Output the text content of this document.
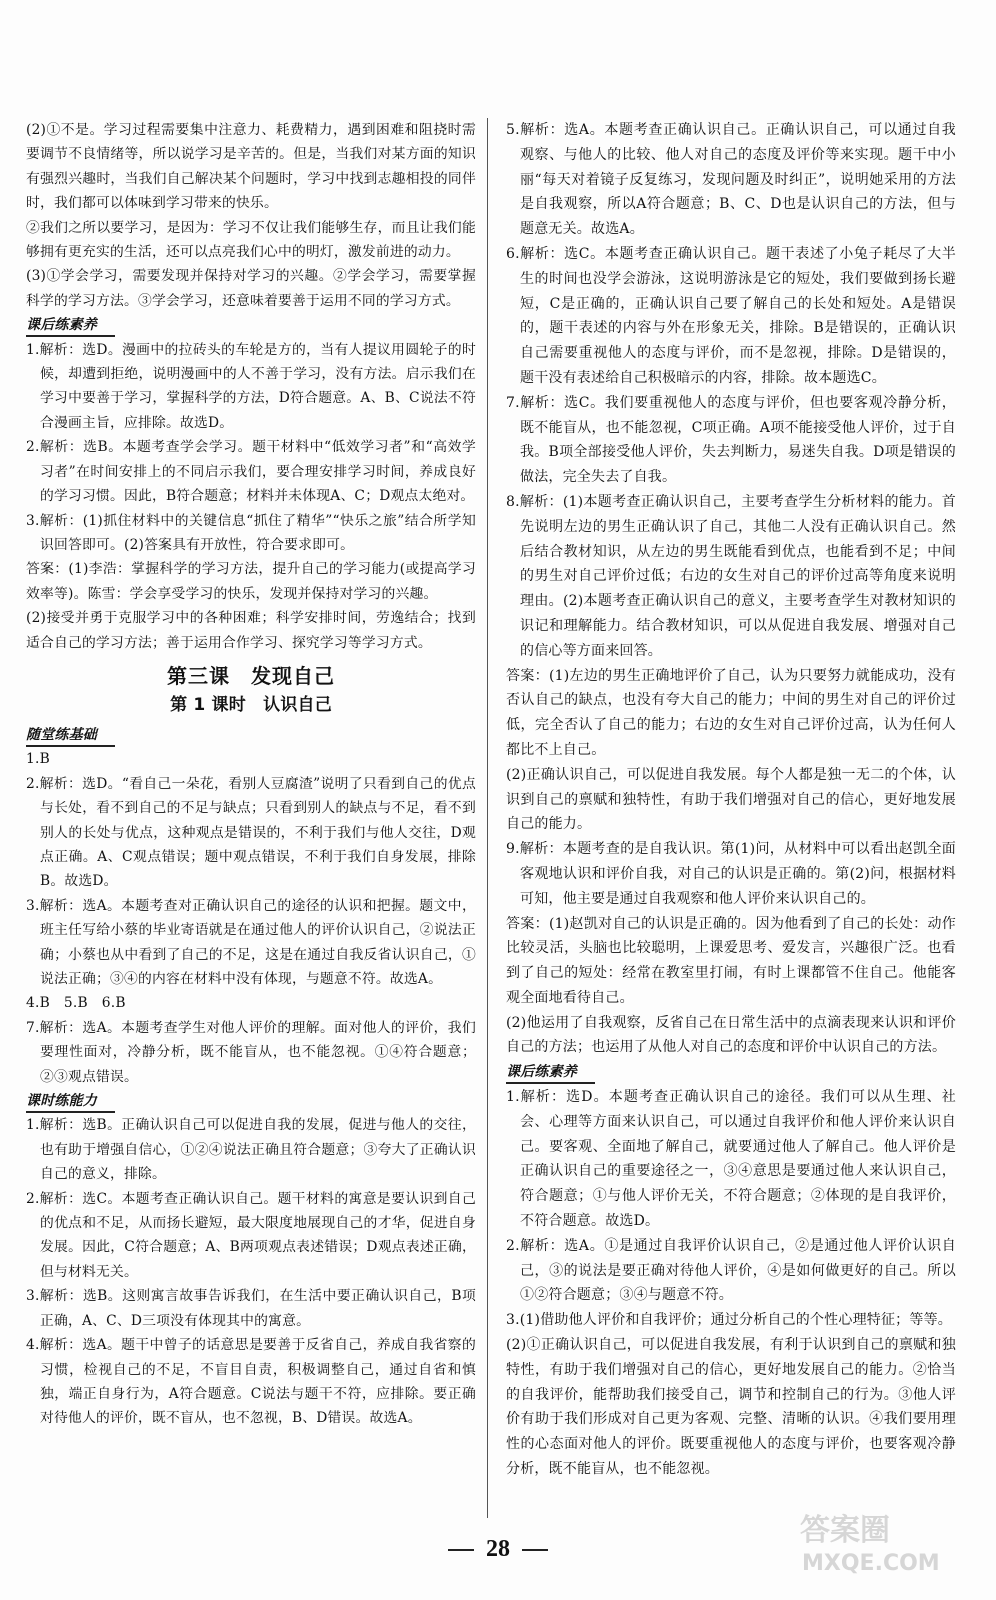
(2)①不是。学习过程需要集中注意力、耗费精力，遇到困难和阻挠时需要调节不良情绪等，所以说学习是辛苦的。但是，当我们对某方面的知识有强烈兴趣时，当我们自己解决某个问题时，学习中找到志趣相投的同伴时，我们都可以体味到学习带来的快乐。

②我们之所以要学习，是因为：学习不仅让我们能够生存，而且让我们能够拥有更充实的生活，还可以点亮我们心中的明灯，激发前进的动力。

(3)①学会学习，需要发现并保持对学习的兴趣。②学会学习，需要掌握科学的学习方法。③学会学习，还意味着要善于运用不同的学习方式。

课后练素养

1.解析：选D。漫画中的拉砖头的车轮是方的，当有人提议用圆轮子的时候，却遭到拒绝，说明漫画中的人不善于学习，没有方法。启示我们在学习中要善于学习，掌握科学的方法，D符合题意。A、B、C说法不符合漫画主旨，应排除。故选D。

2.解析：选B。本题考查学会学习。题干材料中“低效学习者”和“高效学习者”在时间安排上的不同启示我们，要合理安排学习时间，养成良好的学习习惯。因此，B符合题意；材料并未体现A、C；D观点太绝对。

3.解析：(1)抓住材料中的关键信息“抓住了精华”“快乐之旅”结合所学知识回答即可。(2)答案具有开放性，符合要求即可。

答案：(1)李浩：掌握科学的学习方法，提升自己的学习能力(或提高学习效率等)。陈雪：学会享受学习的快乐，发现并保持对学习的兴趣。

(2)接受并勇于克服学习中的各种困难；科学安排时间，劳逸结合；找到适合自己的学习方法；善于运用合作学习、探究学习等学习方式。

第三课　发现自己

第 1 课时　认识自己

随堂练基础

1.B

2.解析：选D。“看自己一朵花，看别人豆腐渣”说明了只看到自己的优点与长处，看不到自己的不足与缺点；只看到别人的缺点与不足，看不到别人的长处与优点，这种观点是错误的，不利于我们与他人交往，D观点正确。A、C观点错误；题中观点错误，不利于我们自身发展，排除B。故选D。

3.解析：选A。本题考查对正确认识自己的途径的认识和把握。题文中，班主任写给小蔡的毕业寄语就是在通过他人的评价认识自己，②说法正确；小蔡也从中看到了自己的不足，这是在通过自我反省认识自己，①说法正确；③④的内容在材料中没有体现，与题意不符。故选A。

4.B　5.B　6.B

7.解析：选A。本题考查学生对他人评价的理解。面对他人的评价，我们要理性面对，冷静分析，既不能盲从，也不能忽视。①④符合题意；②③观点错误。

课时练能力

1.解析：选B。正确认识自己可以促进自我的发展，促进与他人的交往，也有助于增强自信心，①②④说法正确且符合题意；③夸大了正确认识自己的意义，排除。

2.解析：选C。本题考查正确认识自己。题干材料的寓意是要认识到自己的优点和不足，从而扬长避短，最大限度地展现自己的才华，促进自身发展。因此，C符合题意；A、B两项观点表述错误；D观点表述正确，但与材料无关。

3.解析：选B。这则寓言故事告诉我们，在生活中要正确认识自己，B项正确，A、C、D三项没有体现其中的寓意。

4.解析：选A。题干中曾子的话意思是要善于反省自己，养成自我省察的习惯，检视自己的不足，不盲目自责，积极调整自己，通过自省和慎独，端正自身行为，A符合题意。C说法与题干不符，应排除。要正确对待他人的评价，既不盲从，也不忽视，B、D错误。故选A。

5.解析：选A。本题考查正确认识自己。正确认识自己，可以通过自我观察、与他人的比较、他人对自己的态度及评价等来实现。题干中小丽“每天对着镜子反复练习，发现问题及时纠正”，说明她采用的方法是自我观察，所以A符合题意；B、C、D也是认识自己的方法，但与题意无关。故选A。

6.解析：选C。本题考查正确认识自己。题干表述了小兔子耗尽了大半生的时间也没学会游泳，这说明游泳是它的短处，我们要做到扬长避短，C是正确的，正确认识自己要了解自己的长处和短处。A是错误的，题干表述的内容与外在形象无关，排除。B是错误的，正确认识自己需要重视他人的态度与评价，而不是忽视，排除。D是错误的，题干没有表述给自己积极暗示的内容，排除。故本题选C。

7.解析：选C。我们要重视他人的态度与评价，但也要客观冷静分析，既不能盲从，也不能忽视，C项正确。A项不能接受他人评价，过于自我。B项全部接受他人评价，失去判断力，易迷失自我。D项是错误的做法，完全失去了自我。

8.解析：(1)本题考查正确认识自己，主要考查学生分析材料的能力。首先说明左边的男生正确认识了自己，其他二人没有正确认识自己。然后结合教材知识，从左边的男生既能看到优点，也能看到不足；中间的男生对自己评价过低；右边的女生对自己的评价过高等角度来说明理由。(2)本题考查正确认识自己的意义，主要考查学生对教材知识的识记和理解能力。结合教材知识，可以从促进自我发展、增强对自己的信心等方面来回答。

答案：(1)左边的男生正确地评价了自己，认为只要努力就能成功，没有否认自己的缺点，也没有夸大自己的能力；中间的男生对自己的评价过低，完全否认了自己的能力；右边的女生对自己评价过高，认为任何人都比不上自己。

(2)正确认识自己，可以促进自我发展。每个人都是独一无二的个体，认识到自己的禀赋和独特性，有助于我们增强对自己的信心，更好地发展自己的能力。

9.解析：本题考查的是自我认识。第(1)问，从材料中可以看出赵凯全面客观地认识和评价自我，对自己的认识是正确的。第(2)问，根据材料可知，他主要是通过自我观察和他人评价来认识自己的。

答案：(1)赵凯对自己的认识是正确的。因为他看到了自己的长处：动作比较灵活，头脑也比较聪明，上课爱思考、爱发言，兴趣很广泛。也看到了自己的短处：经常在教室里打闹，有时上课都管不住自己。他能客观全面地看待自己。

(2)他运用了自我观察，反省自己在日常生活中的点滴表现来认识和评价自己的方法；也运用了从他人对自己的态度和评价中认识自己的方法。

课后练素养

1.解析：选D。本题考查正确认识自己的途径。我们可以从生理、社会、心理等方面来认识自己，可以通过自我评价和他人评价来认识自己。要客观、全面地了解自己，就要通过他人了解自己。他人评价是正确认识自己的重要途径之一，③④意思是要通过他人来认识自己，符合题意；①与他人评价无关，不符合题意；②体现的是自我评价，不符合题意。故选D。

2.解析：选A。①是通过自我评价认识自己，②是通过他人评价认识自己，③的说法是要正确对待他人评价，④是如何做更好的自己。所以①②符合题意；③④与题意不符。

3.(1)借助他人评价和自我评价；通过分析自己的个性心理特征；等等。

(2)①正确认识自己，可以促进自我发展，有利于认识到自己的禀赋和独特性，有助于我们增强对自己的信心，更好地发展自己的能力。②恰当的自我评价，能帮助我们接受自己，调节和控制自己的行为。③他人评价有助于我们形成对自己更为客观、完整、清晰的认识。④我们要用理性的心态面对他人的评价。既要重视他人的态度与评价，也要客观冷静分析，既不能盲从，也不能忽视。

28
答案圈
MXQE.COM
